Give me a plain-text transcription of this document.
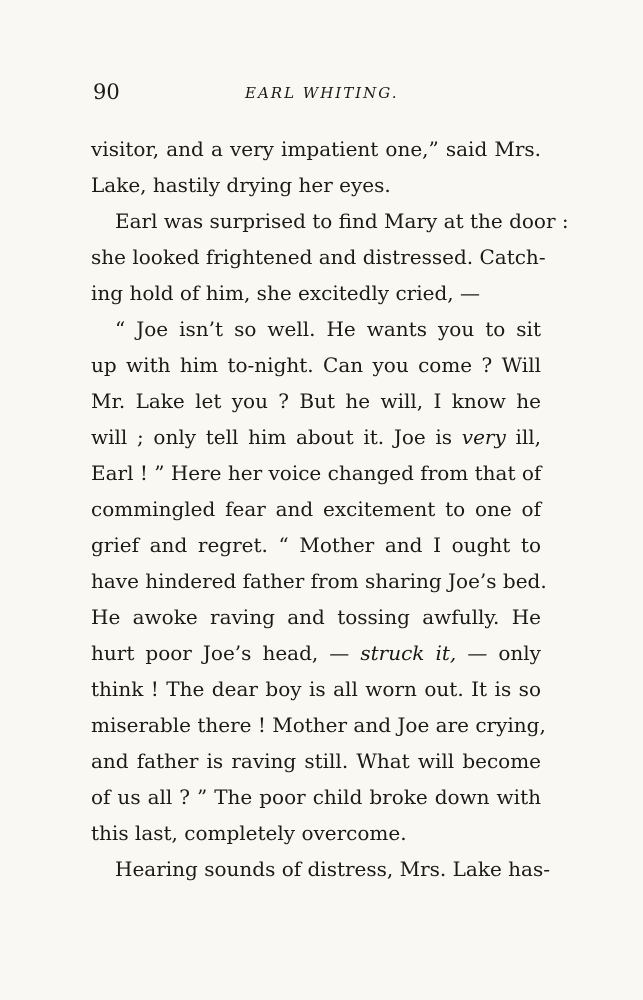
90	EARL WHITING.
visitor, and a very impatient one,” said Mrs.
Lake, hastily drying her eyes.
Earl was surprised to find Mary at the door :
she looked frightened and distressed. Catch-
ing hold of him, she excitedly cried, —
“ Joe isn’t so well. He wants you to sit
up with him to-night. Can you come ? Will
Mr. Lake let you ? But he will, I know he
will ; only tell him about it. Joe is very ill,
Earl ! ” Here her voice changed from that of
commingled fear and excitement to one of
grief and regret. “ Mother and I ought to
have hindered father from sharing Joe’s bed.
He awoke raving and tossing awfully. He
hurt poor Joe’s head, — struck it, — only
think ! The dear boy is all worn out. It is so
miserable there ! Mother and Joe are crying,
and father is raving still. What will become
of us all ? ” The poor child broke down with
this last, completely overcome.
Hearing sounds of distress, Mrs. Lake has-
